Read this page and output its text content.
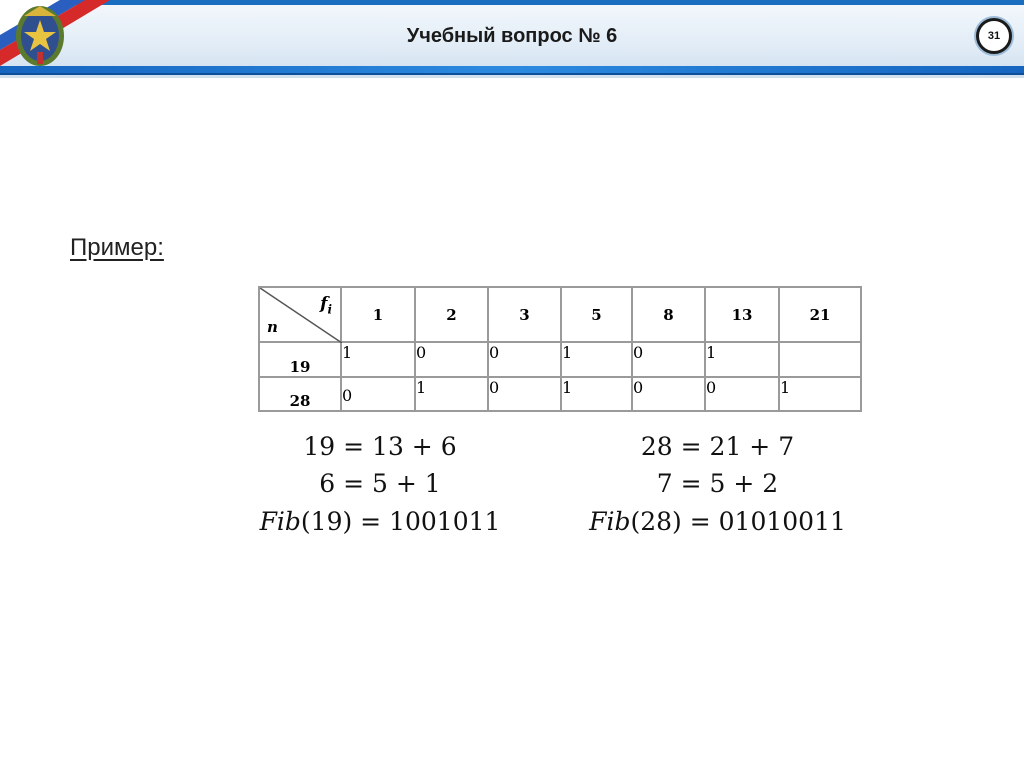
Учебный вопрос № 6	31
Пример:
$f_i$
n	1	2	3	5	8	13	21
19	1	0	0	1	0	1	
28	0	1	0	1	0	0	1
19 = 13 + 6
6 = 5 + 1
Fib(19) = 1001011
28 = 21 + 7
7 = 5 + 2
Fib(28) = 01010011
